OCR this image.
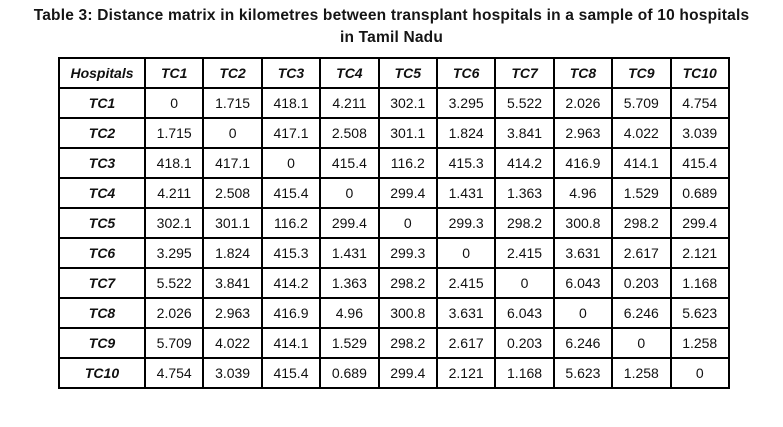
Table 3: Distance matrix in kilometres between transplant hospitals in a sample of 10 hospitals
in Tamil Nadu
Hospitals	TC1	TC2	TC3	TC4	TC5	TC6	TC7	TC8	TC9	TC10
TC1	0	1.715	418.1	4.211	302.1	3.295	5.522	2.026	5.709	4.754
TC2	1.715	0	417.1	2.508	301.1	1.824	3.841	2.963	4.022	3.039
TC3	418.1	417.1	0	415.4	116.2	415.3	414.2	416.9	414.1	415.4
TC4	4.211	2.508	415.4	0	299.4	1.431	1.363	4.96	1.529	0.689
TC5	302.1	301.1	116.2	299.4	0	299.3	298.2	300.8	298.2	299.4
TC6	3.295	1.824	415.3	1.431	299.3	0	2.415	3.631	2.617	2.121
TC7	5.522	3.841	414.2	1.363	298.2	2.415	0	6.043	0.203	1.168
TC8	2.026	2.963	416.9	4.96	300.8	3.631	6.043	0	6.246	5.623
TC9	5.709	4.022	414.1	1.529	298.2	2.617	0.203	6.246	0	1.258
TC10	4.754	3.039	415.4	0.689	299.4	2.121	1.168	5.623	1.258	0
